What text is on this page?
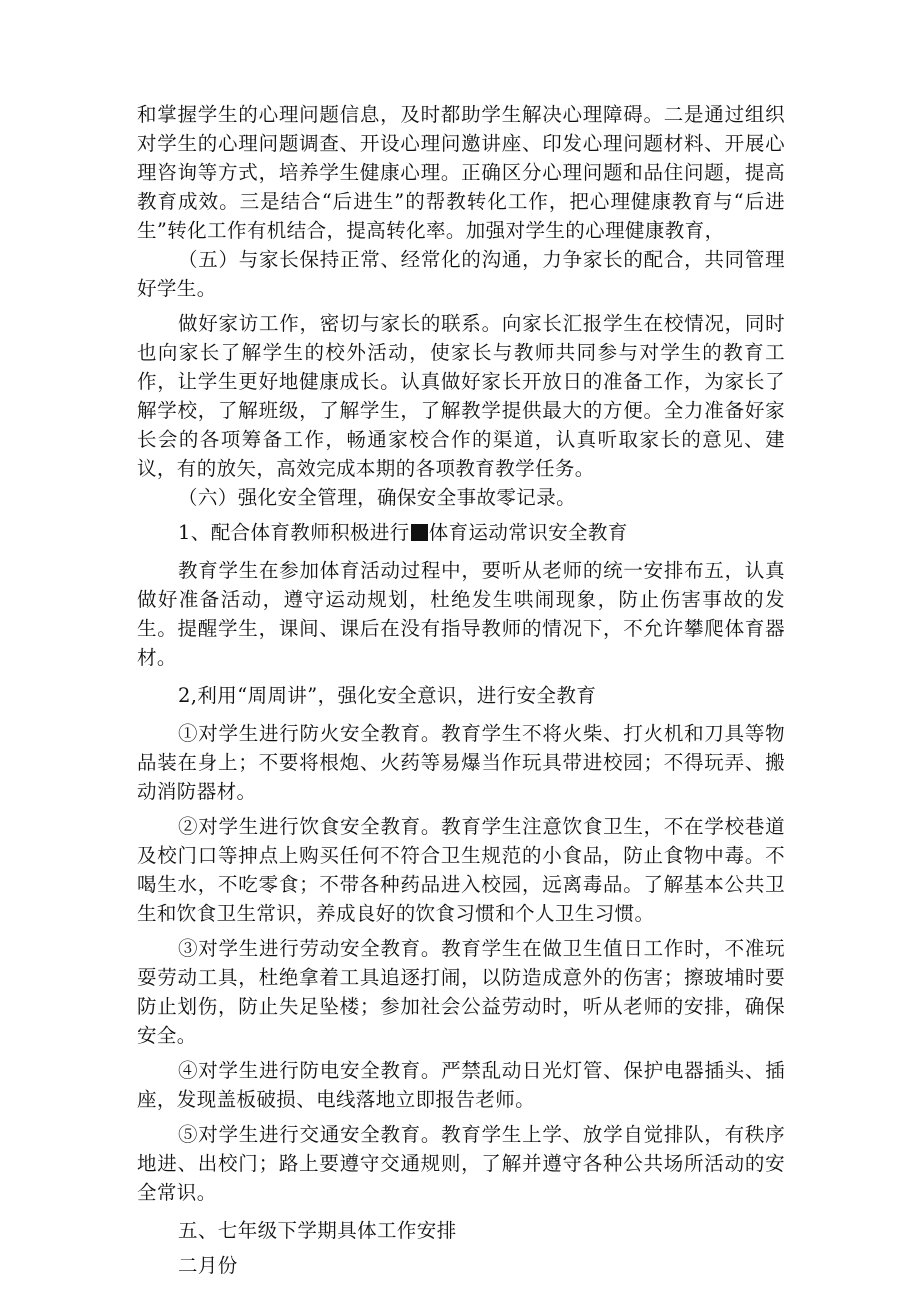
和掌握学生的心理问题信息，及时都助学生解决心理障碍。二是通过组织对学生的心理问题调查、开设心理问邀讲座、印发心理问题材料、开展心理咨询等方式，培养学生健康心理。正确区分心理问题和品住问题，提高教育成效。三是结合“后进生”的帮教转化工作，把心理健康教育与“后进生”转化工作有机结合，提高转化率。加强对学生的心理健康教育，

（五）与家长保持正常、经常化的沟通，力争家长的配合，共同管理好学生。

做好家访工作，密切与家长的联系。向家长汇报学生在校情况，同时也向家长了解学生的校外活动，使家长与教师共同参与对学生的教育工作，让学生更好地健康成长。认真做好家长开放日的准备工作，为家长了解学校，了解班级，了解学生，了解教学提供最大的方便。全力准备好家长会的各项筹备工作，畅通家校合作的渠道，认真听取家长的意见、建议，有的放矢，高效完成本期的各项教育教学任务。

（六）强化安全管理，确保安全事故零记录。

1、配合体育教师积极进行 体育运动常识安全教育

教育学生在参加体育活动过程中，要听从老师的统一安排布五，认真做好准备活动，遵守运动规划，杜绝发生哄闹现象，防止伤害事故的发生。提醒学生，课间、课后在没有指导教师的情况下，不允许攀爬体育器材。

2,利用“周周讲”，强化安全意识，进行安全教育

①对学生进行防火安全教育。教育学生不将火柴、打火机和刀具等物品装在身上；不要将根炮、火药等易爆当作玩具带进校园；不得玩弄、搬动消防器材。

②对学生进行饮食安全教育。教育学生注意饮食卫生，不在学校巷道及校门口等抻点上购买任何不符合卫生规范的小食品，防止食物中毒。不喝生水，不吃零食；不带各种药品进入校园，远离毒品。了解基本公共卫生和饮食卫生常识，养成良好的饮食习惯和个人卫生习惯。

③对学生进行劳动安全教育。教育学生在做卫生值日工作时，不准玩耍劳动工具，杜绝拿着工具追逐打闹，以防造成意外的伤害；擦玻埔时要防止划伤，防止失足坠楼；参加社会公益劳动时，听从老师的安排，确保安全。

④对学生进行防电安全教育。严禁乱动日光灯管、保护电器插头、插座，发现盖板破损、电线落地立即报告老师。

⑤对学生进行交通安全教育。教育学生上学、放学自觉排队，有秩序地进、出校门；路上要遵守交通规则，了解并遵守各种公共场所活动的安全常识。

五、七年级下学期具体工作安排

二月份
